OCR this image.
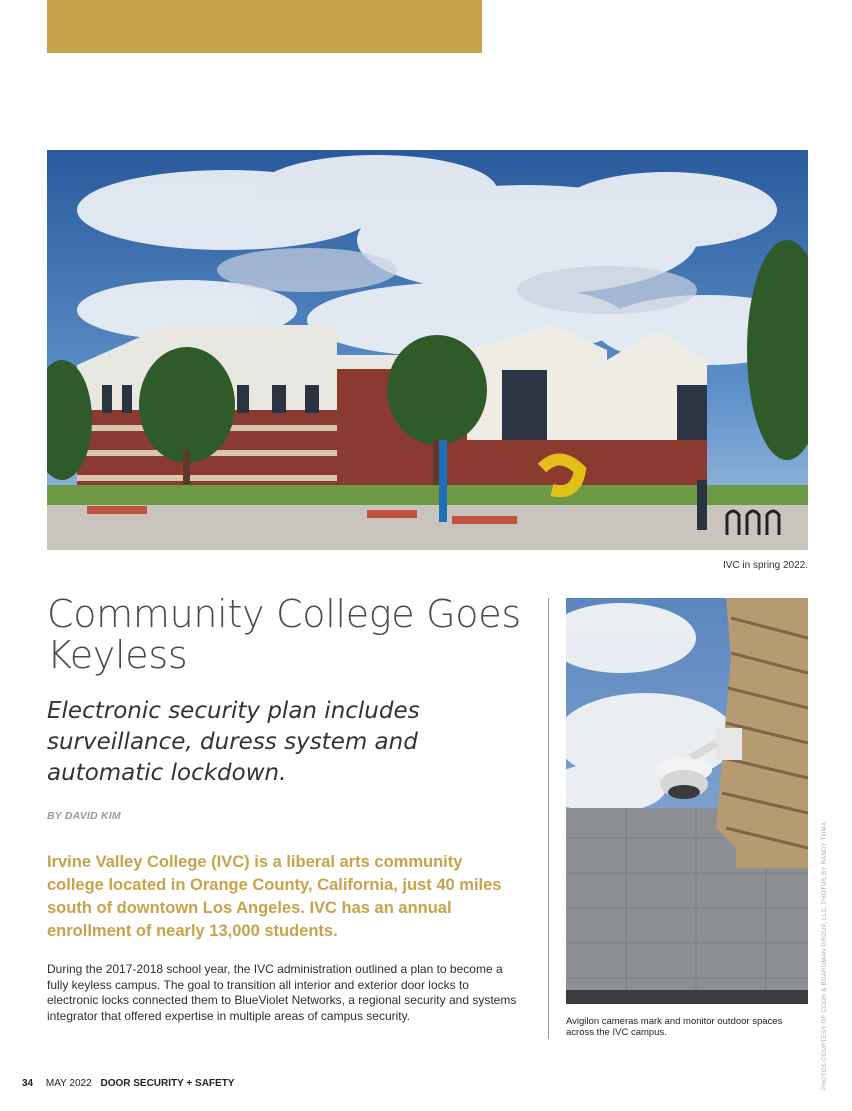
IVC in spring 2022.
Community College Goes Keyless
Electronic security plan includes surveillance, duress system and automatic lockdown.
BY DAVID KIM

Irvine Valley College (IVC) is a liberal arts community college located in Orange County, California, just 40 miles south of downtown Los Angeles. IVC has an annual enrollment of nearly 13,000 students.

During the 2017-2018 school year, the IVC administration outlined a plan to become a fully keyless campus. The goal to transition all interior and exterior door locks to electronic locks connected them to BlueViolet Networks, a regional security and systems integrator that offered expertise in multiple areas of campus security.	Avigilon cameras mark and monitor outdoor spaces across the IVC campus.	PHOTOS COURTESY OF COOK & BOARDMAN GROUP, LLC. PHOTOS BY RANDY TOMA
34 MAY 2022 DOOR SECURITY + SAFETY
